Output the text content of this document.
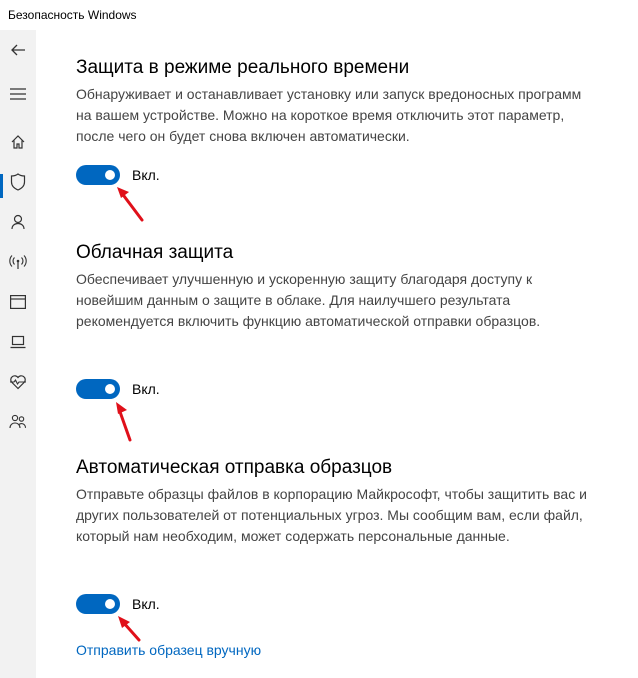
Безопасность Windows
Защита в режиме реального времени

Обнаруживает и останавливает установку или запуск вредоносных программ на вашем устройстве. Можно на короткое время отключить этот параметр, после чего он будет снова включен автоматически.

Вкл.
Облачная защита

Обеспечивает улучшенную и ускоренную защиту благодаря доступу к новейшим данным о защите в облаке. Для наилучшего результата рекомендуется включить функцию автоматической отправки образцов.

Вкл.
Автоматическая отправка образцов

Отправьте образцы файлов в корпорацию Майкрософт, чтобы защитить вас и других пользователей от потенциальных угроз. Мы сообщим вам, если файл, который нам необходим, может содержать персональные данные.

Вкл.
Отправить образец вручную
